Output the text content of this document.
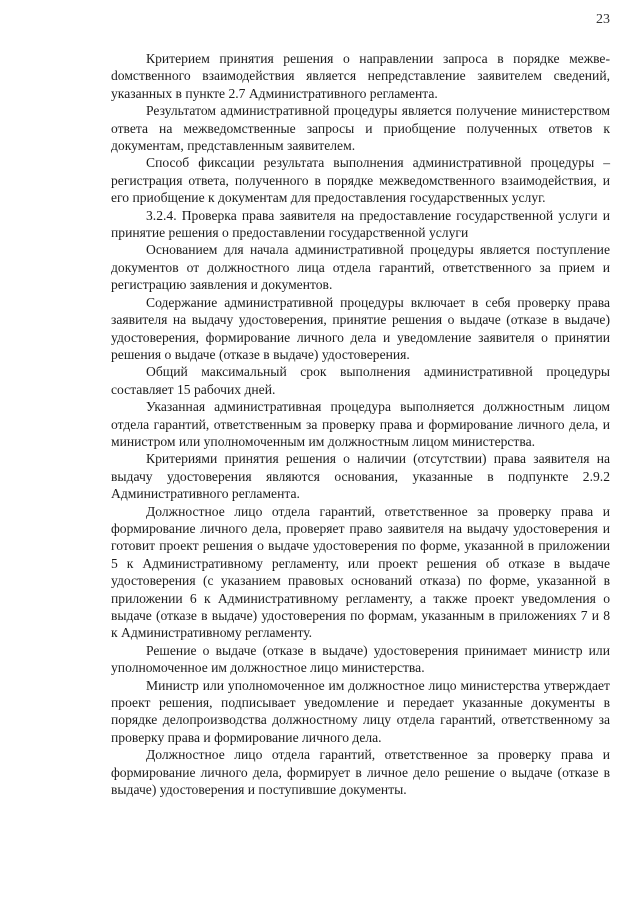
23

Критерием принятия решения о направлении запроса в порядке межвеdомственного взаимодействия является непредставление заявителем сведений, указанных в пункте 2.7 Административного регламента.

Результатом административной процедуры является получение министерством ответа на межведомственные запросы и приобщение полученных ответов к документам, представленным заявителем.

Способ фиксации результата выполнения административной процедуры – регистрация ответа, полученного в порядке межведомственного взаимодействия, и его приобщение к документам для предоставления государственных услуг.

3.2.4. Проверка права заявителя на предоставление государственной услуги и принятие решения о предоставлении государственной услуги

Основанием для начала административной процедуры является поступление документов от должностного лица отдела гарантий, ответственного за прием и регистрацию заявления и документов.

Содержание административной процедуры включает в себя проверку права заявителя на выдачу удостоверения, принятие решения о выдаче (отказе в выдаче) удостоверения, формирование личного дела и уведомление заявителя о принятии решения о выдаче (отказе в выдаче) удостоверения.

Общий максимальный срок выполнения административной процедуры составляет 15 рабочих дней.

Указанная административная процедура выполняется должностным лицом отдела гарантий, ответственным за проверку права и формирование личного дела, и министром или уполномоченным им должностным лицом министерства.

Критериями принятия решения о наличии (отсутствии) права заявителя на выдачу удостоверения являются основания, указанные в подпункте 2.9.2 Административного регламента.

Должностное лицо отдела гарантий, ответственное за проверку права и формирование личного дела, проверяет право заявителя на выдачу удостоверения и готовит проект решения о выдаче удостоверения по форме, указанной в приложении 5 к Административному регламенту, или проект решения об отказе в выдаче удостоверения (с указанием правовых оснований отказа) по форме, указанной в приложении 6 к Административному регламенту, а также проект уведомления о выдаче (отказе в выдаче) удостоверения по формам, указанным в приложениях 7 и 8 к Административному регламенту.

Решение о выдаче (отказе в выдаче) удостоверения принимает министр или уполномоченное им должностное лицо министерства.

Министр или уполномоченное им должностное лицо министерства утверждает проект решения, подписывает уведомление и передает указанные документы в порядке делопроизводства должностному лицу отдела гарантий, ответственному за проверку права и формирование личного дела.

Должностное лицо отдела гарантий, ответственное за проверку права и формирование личного дела, формирует в личное дело решение о выдаче (отказе в выдаче) удостоверения и поступившие документы.
